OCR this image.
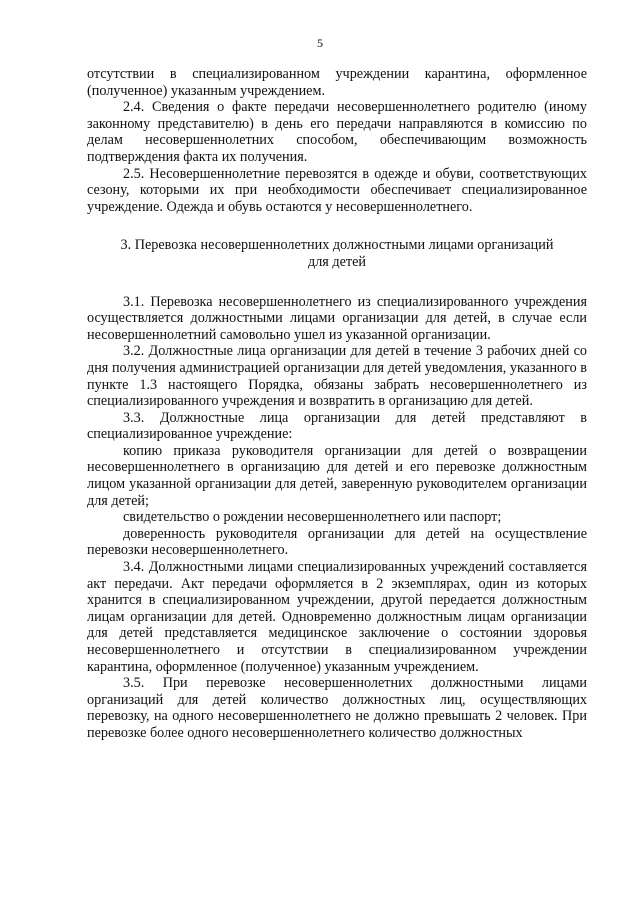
5

отсутствии в специализированном учреждении карантина, оформленное (полученное) указанным учреждением.

2.4. Сведения о факте передачи несовершеннолетнего родителю (иному законному представителю) в день его передачи направляются в комиссию по делам несовершеннолетних способом, обеспечивающим возможность подтверждения факта их получения.

2.5. Несовершеннолетние перевозятся в одежде и обуви, соответствующих сезону, которыми их при необходимости обеспечивает специализированное учреждение. Одежда и обувь остаются у несовершеннолетнего.

3. Перевозка несовершеннолетних должностными лицами организаций
для детей

3.1. Перевозка несовершеннолетнего из специализированного учреждения осуществляется должностными лицами организации для детей, в случае если несовершеннолетний самовольно ушел из указанной организации.

3.2. Должностные лица организации для детей в течение 3 рабочих дней со дня получения администрацией организации для детей уведомления, указанного в пункте 1.3 настоящего Порядка, обязаны забрать несовершеннолетнего из специализированного учреждения и возвратить в организацию для детей.

3.3. Должностные лица организации для детей представляют в специализированное учреждение:

копию приказа руководителя организации для детей о возвращении несовершеннолетнего в организацию для детей и его перевозке должностным лицом указанной организации для детей, заверенную руководителем организации для детей;

свидетельство о рождении несовершеннолетнего или паспорт;

доверенность руководителя организации для детей на осуществление перевозки несовершеннолетнего.

3.4. Должностными лицами специализированных учреждений составляется акт передачи. Акт передачи оформляется в 2 экземплярах, один из которых хранится в специализированном учреждении, другой передается должностным лицам организации для детей. Одновременно должностным лицам организации для детей представляется медицинское заключение о состоянии здоровья несовершеннолетнего и отсутствии в специализированном учреждении карантина, оформленное (полученное) указанным учреждением.

3.5. При перевозке несовершеннолетних должностными лицами организаций для детей количество должностных лиц, осуществляющих перевозку, на одного несовершеннолетнего не должно превышать 2 человек. При перевозке более одного несовершеннолетнего количество должностных
